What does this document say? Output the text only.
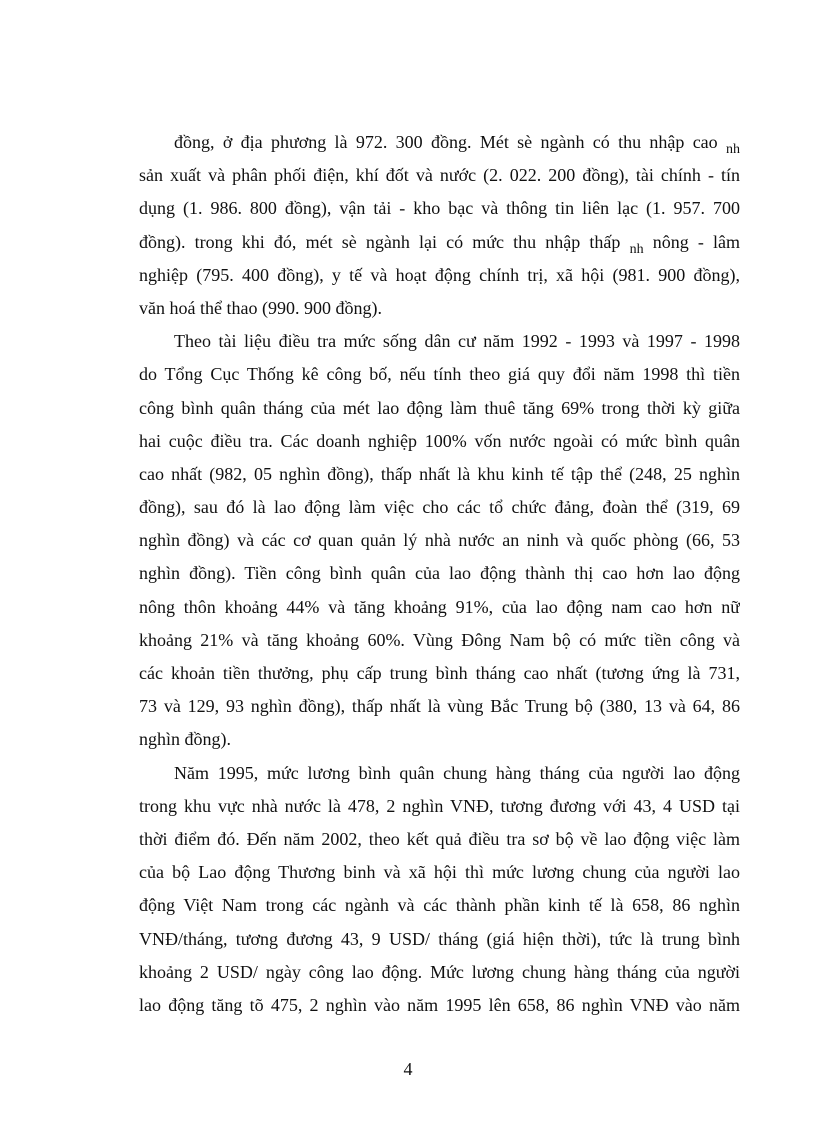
đồng, ở địa phương là 972. 300 đồng. Mét sè ngành có thu nhập cao $_{nh}$
sản xuất và phân phối điện, khí đốt và nước (2. 022. 200 đồng), tài chính - tín
dụng (1. 986. 800 đồng), vận tải - kho bạc và thông tin liên lạc (1. 957. 700
đồng). trong khi đó, mét sè ngành lại có mức thu nhập thấp $_{nh}$ nông - lâm
nghiệp (795. 400 đồng), y tế và hoạt động chính trị, xã hội (981. 900 đồng),
văn hoá thể thao (990. 900 đồng).
Theo tài liệu điều tra mức sống dân cư năm 1992 - 1993 và 1997 - 1998
do Tổng Cục Thống kê công bố, nếu tính theo giá quy đổi năm 1998 thì tiền
công bình quân tháng của mét lao động làm thuê tăng 69% trong thời kỳ giữa
hai cuộc điều tra. Các doanh nghiệp 100% vốn nước ngoài có mức bình quân
cao nhất (982, 05 nghìn đồng), thấp nhất là khu kinh tế tập thể (248, 25 nghìn
đồng), sau đó là lao động làm việc cho các tổ chức đảng, đoàn thể (319, 69
nghìn đồng) và các cơ quan quản lý nhà nước an ninh và quốc phòng (66, 53
nghìn đồng). Tiền công bình quân của lao động thành thị cao hơn lao động
nông thôn khoảng 44% và tăng khoảng 91%, của lao động nam cao hơn nữ
khoảng 21% và tăng khoảng 60%. Vùng Đông Nam bộ có mức tiền công và
các khoản tiền thưởng, phụ cấp trung bình tháng cao nhất (tương ứng là 731,
73 và 129, 93 nghìn đồng), thấp nhất là vùng Bắc Trung bộ (380, 13 và 64, 86
nghìn đồng).
Năm 1995, mức lương bình quân chung hàng tháng của người lao động
trong khu vực nhà nước là 478, 2 nghìn VNĐ, tương đương với 43, 4 USD tại
thời điểm đó. Đến năm 2002, theo kết quả điều tra sơ bộ về lao động việc làm
của bộ Lao động Thương binh và xã hội thì mức lương chung của người lao
động Việt Nam trong các ngành và các thành phần kinh tế là 658, 86 nghìn
VNĐ/tháng, tương đương 43, 9 USD/ tháng (giá hiện thời), tức là trung bình
khoảng 2 USD/ ngày công lao động. Mức lương chung hàng tháng của người
lao động tăng tõ 475, 2 nghìn vào năm 1995 lên 658, 86 nghìn VNĐ vào năm
4
